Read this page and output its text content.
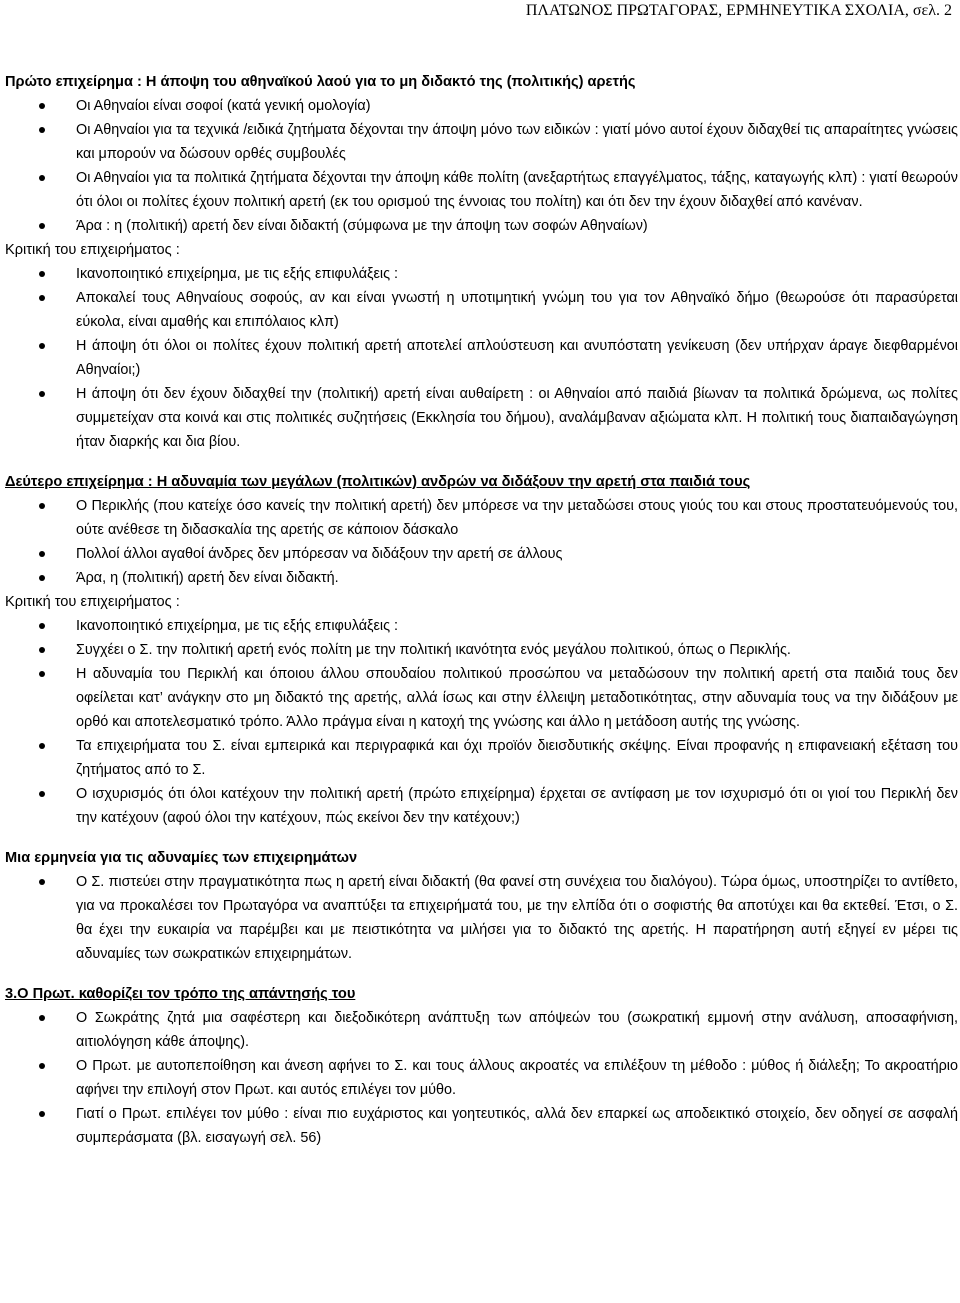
ΠΛΑΤΩΝΟΣ ΠΡΩΤΑΓΟΡΑΣ, ΕΡΜΗΝΕΥΤΙΚΑ ΣΧΟΛΙΑ, σελ. 2

Πρώτο επιχείρημα : Η άποψη του αθηναϊκού λαού για το μη διδακτό της (πολιτικής) αρετής

Οι Αθηναίοι είναι σοφοί (κατά γενική ομολογία)
Οι Αθηναίοι για τα τεχνικά /ειδικά ζητήματα δέχονται την άποψη μόνο των ειδικών : γιατί μόνο αυτοί έχουν διδαχθεί τις απαραίτητες γνώσεις και μπορούν να δώσουν ορθές συμβουλές
Οι Αθηναίοι για τα πολιτικά ζητήματα δέχονται την άποψη κάθε πολίτη (ανεξαρτήτως επαγγέλματος, τάξης, καταγωγής κλπ) : γιατί θεωρούν ότι όλοι οι πολίτες έχουν πολιτική αρετή (εκ του ορισμού της έννοιας του πολίτη) και ότι δεν την έχουν διδαχθεί από κανέναν.
Άρα : η (πολιτική) αρετή δεν είναι διδακτή (σύμφωνα με την άποψη των σοφών Αθηναίων)

Κριτική του επιχειρήματος :

Ικανοποιητικό επιχείρημα, με τις εξής επιφυλάξεις :
Αποκαλεί τους Αθηναίους σοφούς, αν και είναι γνωστή η υποτιμητική γνώμη του για τον Αθηναϊκό δήμο (θεωρούσε ότι παρασύρεται εύκολα, είναι αμαθής και επιπόλαιος κλπ)
Η άποψη ότι όλοι οι πολίτες έχουν πολιτική αρετή αποτελεί απλούστευση και ανυπόστατη γενίκευση (δεν υπήρχαν άραγε διεφθαρμένοι Αθηναίοι;)
Η άποψη ότι δεν έχουν διδαχθεί την (πολιτική) αρετή είναι αυθαίρετη : οι Αθηναίοι από παιδιά βίωναν τα πολιτικά δρώμενα, ως πολίτες συμμετείχαν στα κοινά και στις πολιτικές συζητήσεις (Εκκλησία του δήμου), αναλάμβαναν αξιώματα κλπ. Η πολιτική τους διαπαιδαγώγηση ήταν διαρκής και δια βίου.

Δεύτερο επιχείρημα : Η αδυναμία των μεγάλων (πολιτικών) ανδρών να διδάξουν την αρετή στα παιδιά τους

Ο Περικλής (που κατείχε όσο κανείς την πολιτική αρετή) δεν μπόρεσε να την μεταδώσει στους γιούς του και στους προστατευόμενούς του, ούτε ανέθεσε τη διδασκαλία της αρετής σε κάποιον δάσκαλο
Πολλοί άλλοι αγαθοί άνδρες δεν μπόρεσαν να διδάξουν την αρετή σε άλλους
Άρα, η (πολιτική) αρετή δεν είναι διδακτή.

Κριτική του επιχειρήματος :

Ικανοποιητικό επιχείρημα, με τις εξής επιφυλάξεις :
Συγχέει ο Σ. την πολιτική αρετή ενός πολίτη με την πολιτική ικανότητα ενός μεγάλου πολιτικού, όπως ο Περικλής.
Η αδυναμία του Περικλή και όποιου άλλου σπουδαίου πολιτικού προσώπου να μεταδώσουν την πολιτική αρετή στα παιδιά τους δεν οφείλεται κατ’ ανάγκην στο μη διδακτό της αρετής, αλλά ίσως και στην έλλειψη μεταδοτικότητας, στην αδυναμία τους να την διδάξουν με ορθό και αποτελεσματικό τρόπο. Άλλο πράγμα είναι η κατοχή της γνώσης και άλλο η μετάδοση αυτής της γνώσης.
Τα επιχειρήματα του Σ. είναι εμπειρικά και περιγραφικά και όχι προϊόν διεισδυτικής σκέψης. Είναι προφανής η επιφανειακή εξέταση του ζητήματος από το Σ.
Ο ισχυρισμός ότι όλοι κατέχουν την πολιτική αρετή (πρώτο επιχείρημα) έρχεται σε αντίφαση με τον ισχυρισμό ότι οι γιοί του Περικλή δεν την κατέχουν (αφού όλοι την κατέχουν, πώς εκείνοι δεν την κατέχουν;)

Μια ερμηνεία για τις αδυναμίες των επιχειρημάτων

Ο Σ. πιστεύει στην πραγματικότητα πως η αρετή είναι διδακτή (θα φανεί στη συνέχεια του διαλόγου). Τώρα όμως, υποστηρίζει το αντίθετο, για να προκαλέσει τον Πρωταγόρα να αναπτύξει τα επιχειρήματά του, με την ελπίδα ότι ο σοφιστής θα αποτύχει και θα εκτεθεί. Έτσι, ο Σ. θα έχει την ευκαιρία να παρέμβει και με πειστικότητα να μιλήσει για το διδακτό της αρετής. Η παρατήρηση αυτή εξηγεί εν μέρει τις αδυναμίες των σωκρατικών επιχειρημάτων.

3.Ο Πρωτ. καθορίζει τον τρόπο της απάντησής του

Ο Σωκράτης ζητά μια σαφέστερη και διεξοδικότερη ανάπτυξη των απόψεών του (σωκρατική εμμονή στην ανάλυση, αποσαφήνιση, αιτιολόγηση κάθε άποψης).
Ο Πρωτ. με αυτοπεποίθηση και άνεση αφήνει το Σ. και τους άλλους ακροατές να επιλέξουν τη μέθοδο : μύθος ή διάλεξη; Το ακροατήριο αφήνει την επιλογή στον Πρωτ. και αυτός επιλέγει τον μύθο.
Γιατί ο Πρωτ. επιλέγει τον μύθο : είναι πιο ευχάριστος και γοητευτικός, αλλά δεν επαρκεί ως αποδεικτικό στοιχείο, δεν οδηγεί σε ασφαλή συμπεράσματα (βλ. εισαγωγή σελ. 56)
